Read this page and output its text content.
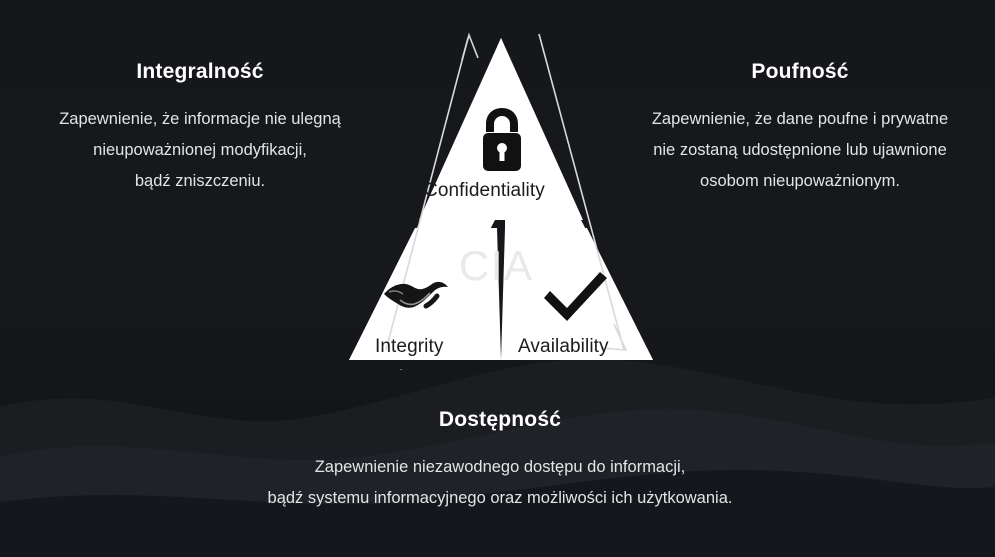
Confidentiality
Integrity	Availability
CIA
Integralność

Zapewnienie, że informacje nie ulegną
nieupoważnionej modyfikacji,
bądź zniszczeniu.

Poufność

Zapewnienie, że dane poufne i prywatne
nie zostaną udostępnione lub ujawnione
osobom nieupoważnionym.

Dostępność

Zapewnienie niezawodnego dostępu do informacji,
bądź systemu informacyjnego oraz możliwości ich użytkowania.
